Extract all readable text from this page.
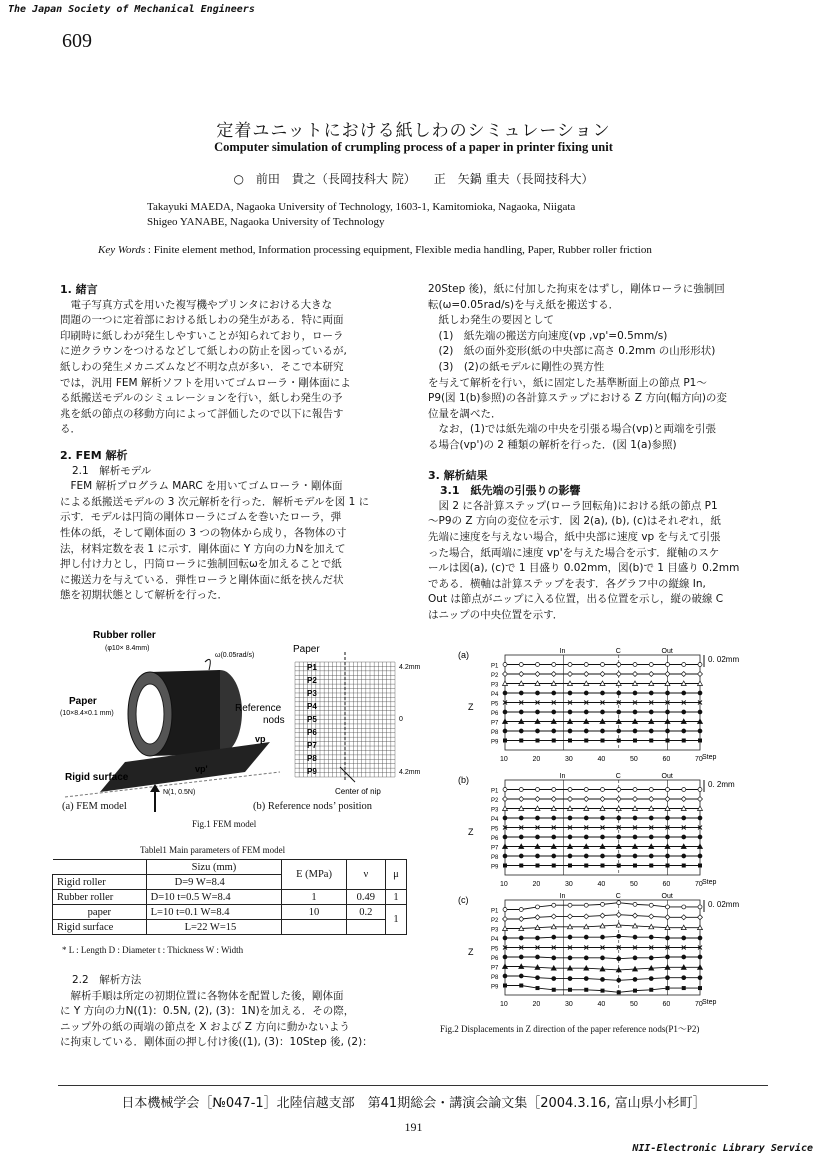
The Japan Society of Mechanical Engineers
609
定着ユニットにおける紙しわのシミュレーション
Computer simulation of crumpling process of a paper in printer fixing unit
○　前田　貴之（長岡技科大 院）　　正　矢鍋 重夫（長岡技科大）
Takayuki MAEDA, Nagaoka University of Technology, 1603-1, Kamitomioka, Nagaoka, Niigata
Shigeo YANABE, Nagaoka University of Technology
Key Words : Finite element method, Information processing equipment, Flexible media handling, Paper, Rubber roller friction
1. 緒言
　電子写真方式を用いた複写機やプリンタにおける大きな
問題の一つに定着部における紙しわの発生がある．特に両面
印刷時に紙しわが発生しやすいことが知られており，ローラ
に逆クラウンをつけるなどして紙しわの防止を図っているが,
紙しわの発生メカニズムなど不明な点が多い．そこで本研究
では，汎用 FEM 解析ソフトを用いてゴムローラ・剛体面によ
る紙搬送モデルのシミュレーションを行い，紙しわ発生の予
兆を紙の節点の移動方向によって評価したので以下に報告す
る．
2. FEM 解析
2.1　解析モデル
　FEM 解析プログラム MARC を用いてゴムローラ・剛体面
による紙搬送モデルの 3 次元解析を行った．解析モデルを図 1 に
示す．モデルは円筒の剛体ローラにゴムを巻いたローラ，弾
性体の紙，そして剛体面の 3 つの物体から成り，各物体の寸
法，材料定数を表 1 に示す．剛体面に Y 方向の力Nを加えて
押し付け力とし，円筒ローラに強制回転ωを加えることで紙
に搬送力を与えている．弾性ローラと剛体面に紙を挟んだ状
態を初期状態として解析を行った．
Rubber roller
(φ10× 8.4mm)
ω(0.05rad/s)
Paper
(10×8.4×0.1 mm)
vp
vp'
Rigid surface
N(1, 0.5N)
Paper
P1
P2
P3
P4
P5
P6
P7
P8
P9
Reference
nods
4.2mm
0
4.2mm
Center of nip
(a) FEM model	(b) Reference nods’ position
Fig.1 FEM model
Tablel1 Main parameters of FEM model
	Sizu (mm)	E (MPa)	ν	μ
Rigid roller	D=9 W=8.4			
Rubber roller	D=10 t=0.5 W=8.4	1	0.49	1
paper	L=10 t=0.1 W=8.4	10	0.2	1
Rigid surface	L=22 W=15			
* L : Length D : Diameter t : Thickness W : Width
2.2　解析方法
　解析手順は所定の初期位置に各物体を配置した後，剛体面
に Y 方向の力N((1)：0.5N, (2), (3)：1N)を加える．その際，
ニップ外の紙の両端の節点を X および Z 方向に動かないよう
に拘束している．剛体面の押し付け後((1), (3)：10Step 後, (2)：
20Step 後)，紙に付加した拘束をはずし，剛体ローラに強制回
転(ω=0.05rad/s)を与え紙を搬送する．
　紙しわ発生の要因として
　(1)　紙先端の搬送方向速度(vp ,vp'=0.5mm/s)
　(2)　紙の面外変形(紙の中央部に高さ 0.2mm の山形形状)
　(3)　(2)の紙モデルに剛性の異方性
を与えて解析を行い，紙に固定した基準断面上の節点 P1～
P9(図 1(b)参照)の各計算ステップにおける Z 方向(幅方向)の変
位量を調べた．
　なお，(1)では紙先端の中央を引張る場合(vp)と両端を引張
る場合(vp')の 2 種類の解析を行った．(図 1(a)参照)
3. 解析結果
3.1　紙先端の引張りの影響
　図 2 に各計算ステップ(ローラ回転角)における紙の節点 P1
～P9の Z 方向の変位を示す．図 2(a), (b), (c)はそれぞれ，紙
先端に速度を与えない場合，紙中央部に速度 vp を与えて引張
った場合，紙両端に速度 vp'を与えた場合を示す．縦軸のスケ
ールは図(a), (c)で 1 目盛り 0.02mm，図(b)で 1 目盛り 0.2mm
である．横軸は計算ステップを表す．各グラフ中の縦線 In,
Out は節点がニップに入る位置，出る位置を示し，縦の破線 C
はニップの中央位置を示す．
(a)	In	C	Out
Z
0. 02mm
Step
10	20	30	40	50	60	70
P1
P2
P3
P4
P5
P6
P7
P8
P9
(b)	In	C	Out
Z
0. 2mm
Step
10	20	30	40	50	60	70
P1
P2
P3
P4
P5
P6
P7
P8
P9
(c)	In	C	Out
Z
0. 02mm
Step
10	20	30	40	50	60	70
P1
P2
P3
P4
P5
P6
P7
P8
P9
Fig.2 Displacements in Z direction of the paper reference nods(P1～P2)
日本機械学会［№047-1］北陸信越支部　第41期総会・講演会論文集［2004.3.16, 富山県小杉町］
191
NII-Electronic Library Service
